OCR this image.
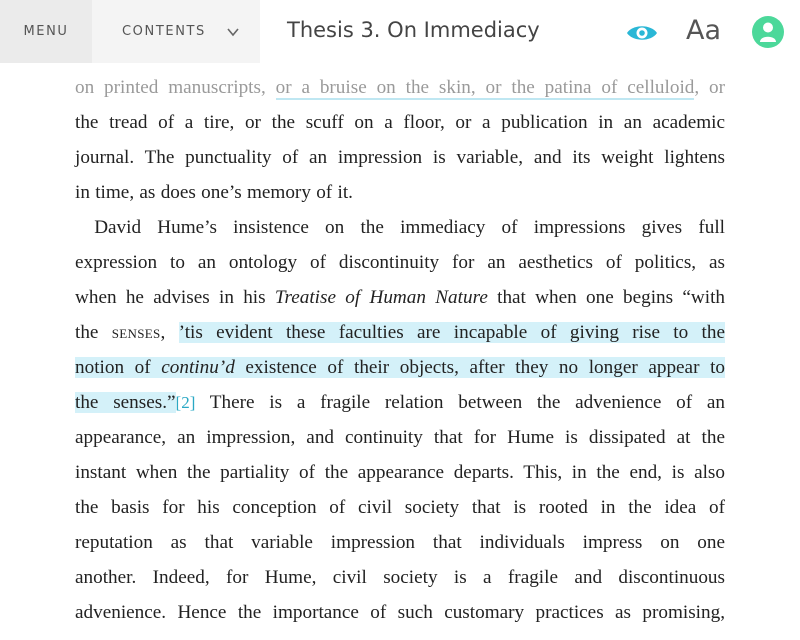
MENU	CONTENTS	Thesis 3. On Immediacy	Aa

on printed manuscripts, or a bruise on the skin, or the patina of celluloid, or
the tread of a tire, or the scuff on a floor, or a publication in an academic
journal. The punctuality of an impression is variable, and its weight lightens
in time, as does one’s memory of it.

 David Hume’s insistence on the immediacy of impressions gives full
expression to an ontology of discontinuity for an aesthetics of politics, as
when he advises in his Treatise of Human Nature that when one begins “with
the senses, ’tis evident these faculties are incapable of giving rise to the
notion of continu’d existence of their objects, after they no longer appear to
the senses.”[2] There is a fragile relation between the advenience of an
appearance, an impression, and continuity that for Hume is dissipated at the
instant when the partiality of the appearance departs. This, in the end, is also
the basis for his conception of civil society that is rooted in the idea of
reputation as that variable impression that individuals impress on one
another. Indeed, for Hume, civil society is a fragile and discontinuous
advenience. Hence the importance of such customary practices as promising,
